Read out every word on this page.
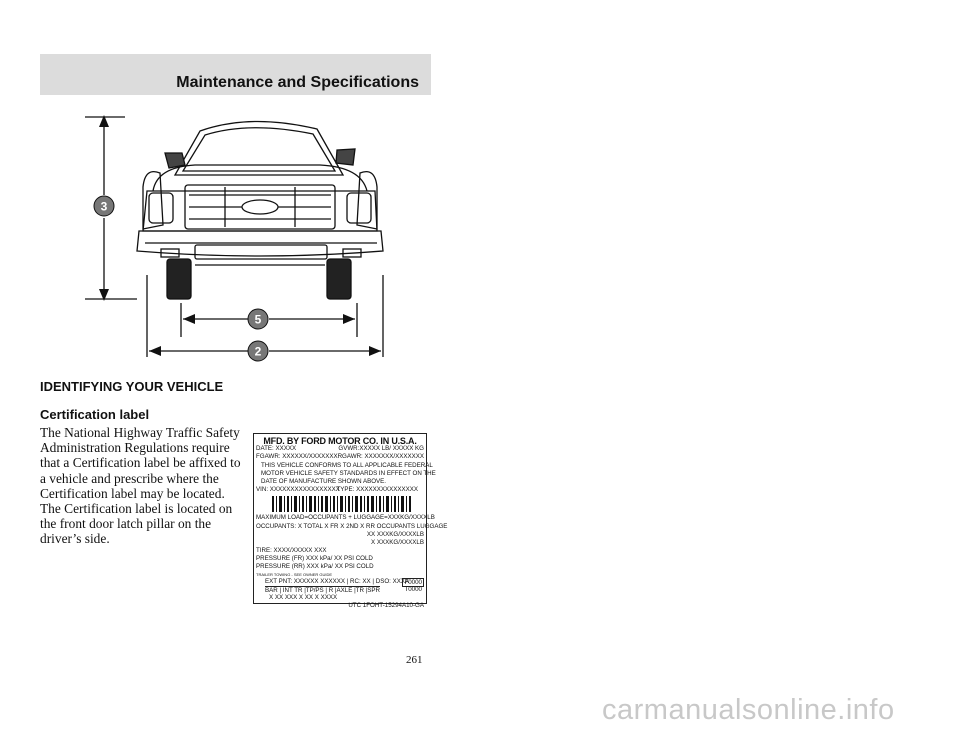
Maintenance and Specifications
3
5
2
IDENTIFYING YOUR VEHICLE
Certification label
The National Highway Traffic Safety Administration Regulations require that a Certification label be affixed to a vehicle and prescribe where the Certification label may be located. The Certification label is located on the front door latch pillar on the driver’s side.
MFD. BY FORD MOTOR CO. IN U.S.A.
DATE: XXXXX	GVWR:XXXXX LB/ XXXXX KG
FGAWR: XXXXXX/XXXXXXX RGAWR: XXXXXXX/XXXXXXX
THIS VEHICLE CONFORMS TO ALL APPLICABLE FEDERAL
MOTOR VEHICLE SAFETY STANDARDS IN EFFECT ON THE
DATE OF MANUFACTURE SHOWN ABOVE.
VIN: XXXXXXXXXXXXXXXXX
TYPE: XXXXXXXXXXXXXXX
MAXIMUM LOAD=OCCUPANTS + LUGGAGE=XXXKG/XXXXLB
OCCUPANTS: X TOTAL X FR X 2ND X RR OCCUPANTS LUGGAGE
XX XXXKG/XXXXLB
X XXXKG/XXXXLB
TIRE: XXXX/XXXXX XXX
PRESSURE (FR) XXX kPa/ XX PSI COLD
PRESSURE (RR) XXX kPa/ XX PSI COLD
TRAILER TOWING - SEE OWNER GUIDE
EXT PNT: XXXXXX XXXXXX | RC: XX | DSO: XXXX
F0000
BAR | INT TR |TP/PS | R |AXLE |TR |SPR	T0000
X XX XXX X XX X XXXX
UTC 1FOHT-15294A10-GA
261
carmanualsonline.info
